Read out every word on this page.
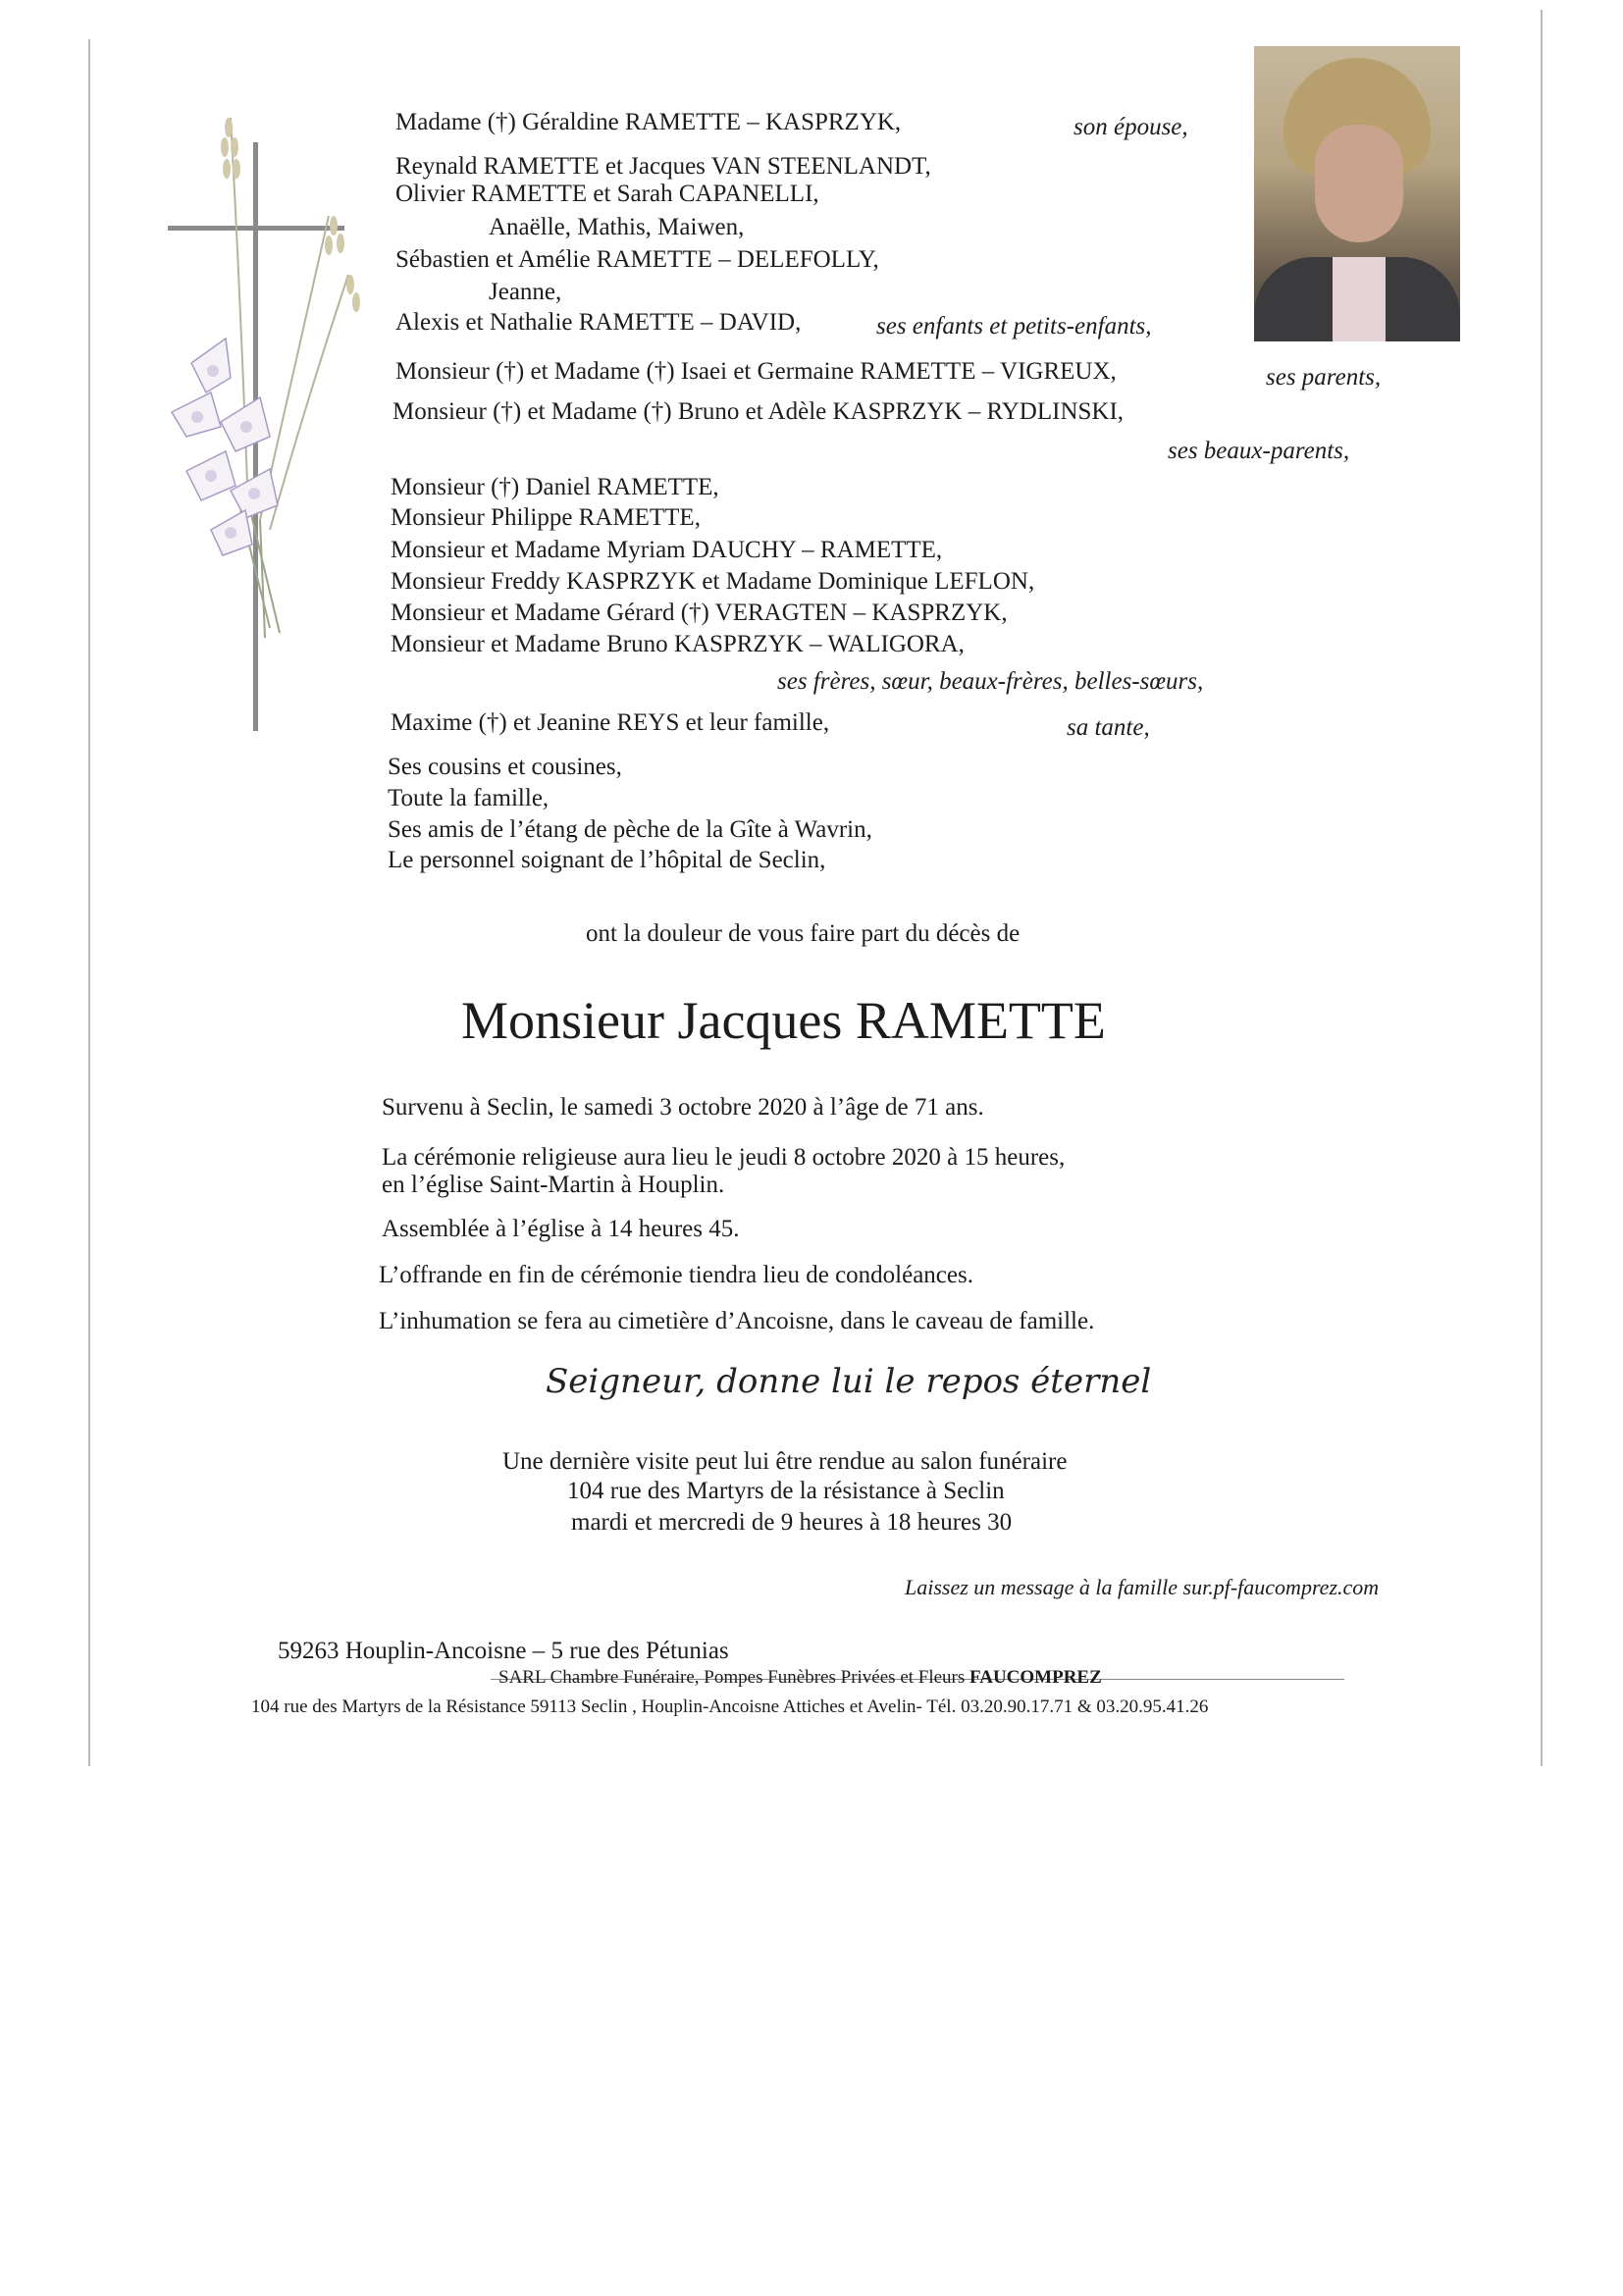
Madame (†) Géraldine RAMETTE – KASPRZYK,	son épouse,
Reynald RAMETTE et Jacques VAN STEENLANDT,
Olivier RAMETTE et Sarah CAPANELLI,
Anaëlle, Mathis, Maiwen,
Sébastien et Amélie RAMETTE – DELEFOLLY,
Jeanne,
Alexis et Nathalie RAMETTE – DAVID,	ses enfants et petits-enfants,
Monsieur (†) et Madame (†) Isaei et Germaine RAMETTE – VIGREUX,	ses parents,
Monsieur (†) et Madame (†) Bruno et Adèle KASPRZYK – RYDLINSKI,
ses beaux-parents,
Monsieur (†) Daniel RAMETTE,
Monsieur Philippe RAMETTE,
Monsieur et Madame Myriam DAUCHY – RAMETTE,
Monsieur Freddy KASPRZYK et Madame Dominique LEFLON,
Monsieur et Madame Gérard (†) VERAGTEN – KASPRZYK,
Monsieur et Madame Bruno KASPRZYK – WALIGORA,
ses frères, sœur, beaux-frères, belles-sœurs,
Maxime (†) et Jeanine REYS et leur famille,	sa tante,
Ses cousins et cousines,
Toute la famille,
Ses amis de l’étang de pèche de la Gîte à Wavrin,
Le personnel soignant de l’hôpital de Seclin,
ont la douleur de vous faire part du décès de
Monsieur Jacques RAMETTE
Survenu à Seclin, le samedi 3 octobre 2020 à l’âge de 71 ans.
La cérémonie religieuse aura lieu le jeudi 8 octobre 2020 à 15 heures,
en l’église Saint-Martin à Houplin.
Assemblée à l’église à 14 heures 45.
L’offrande en fin de cérémonie tiendra lieu de condoléances.
L’inhumation se fera au cimetière d’Ancoisne, dans le caveau de famille.
Seigneur, donne lui le repos éternel
Une dernière visite peut lui être rendue au salon funéraire
104 rue des Martyrs de la résistance à Seclin
mardi et mercredi de 9 heures à 18 heures 30
Laissez un message à la famille sur.pf-faucomprez.com
59263 Houplin-Ancoisne – 5 rue des Pétunias
SARL Chambre Funéraire, Pompes Funèbres Privées et Fleurs FAUCOMPREZ
104 rue des Martyrs de la Résistance 59113 Seclin , Houplin-Ancoisne Attiches et Avelin- Tél. 03.20.90.17.71 & 03.20.95.41.26
